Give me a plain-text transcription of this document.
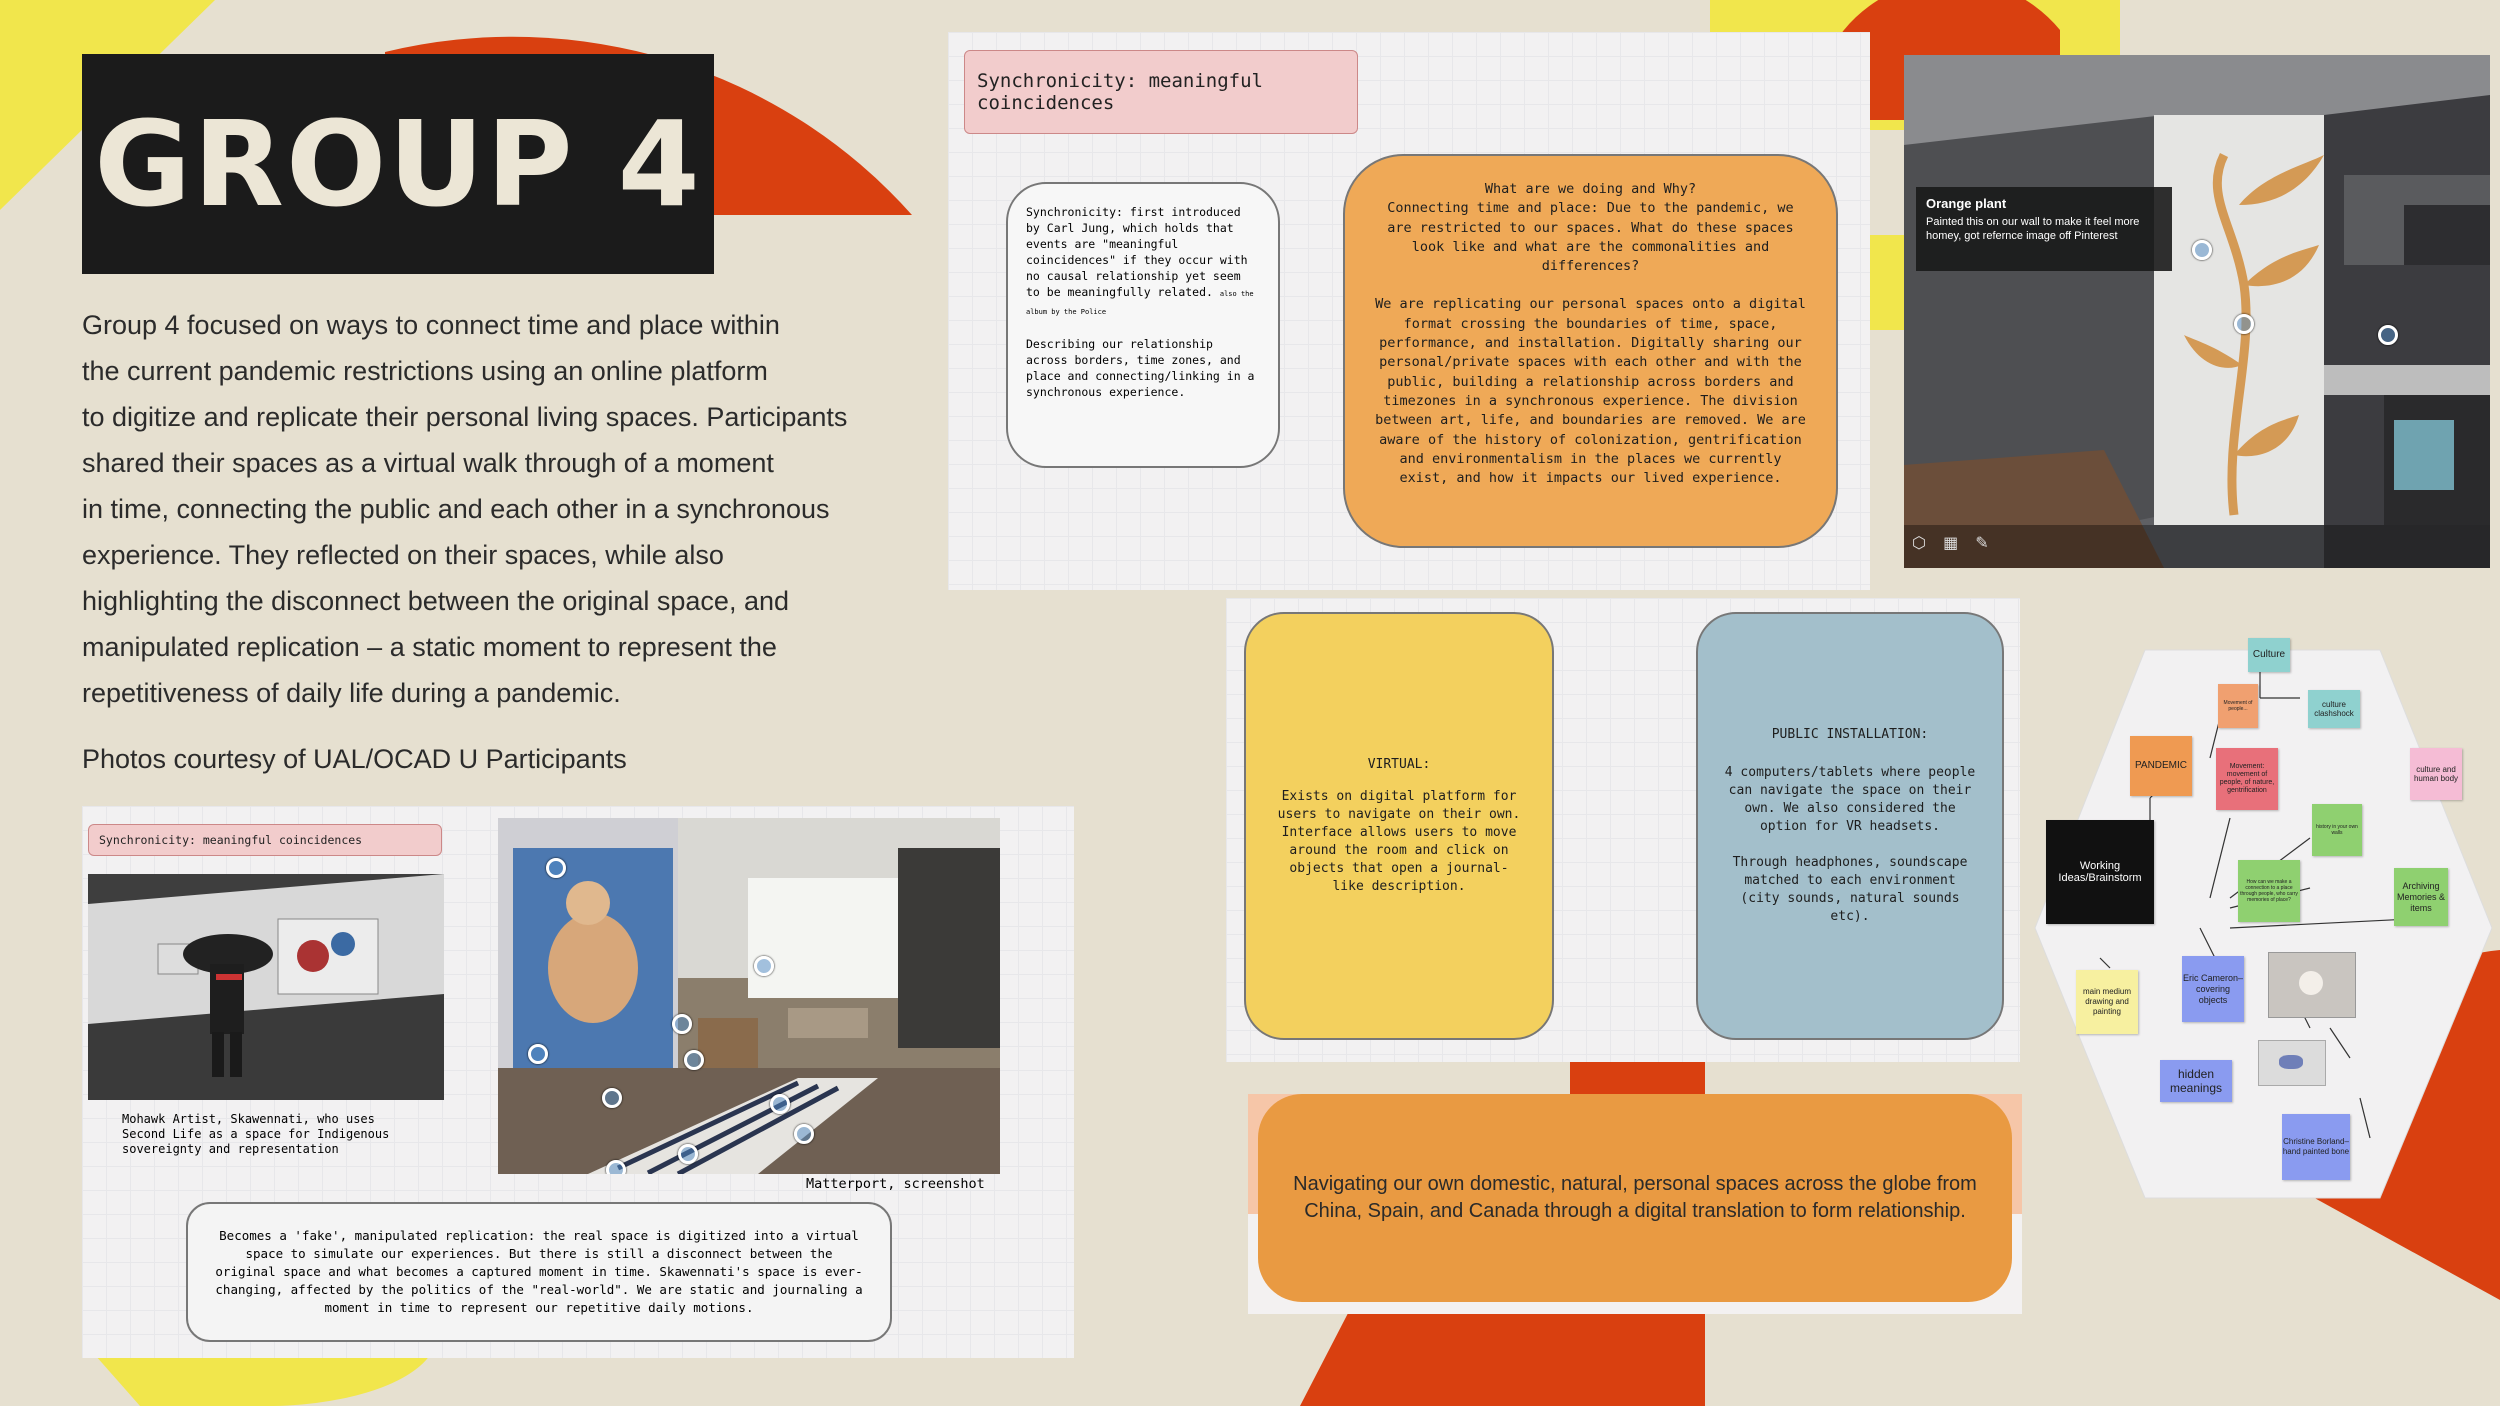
GROUP 4
Group 4 focused on ways to connect time and place within
the current pandemic restrictions using an online platform
to digitize and replicate their personal living spaces. Participants
shared their spaces as a virtual walk through of a moment
in time, connecting the public and each other in a synchronous
experience. They reflected on their spaces, while also
highlighting the disconnect between the original space, and
manipulated replication – a static moment to represent the
repetitiveness of daily life during a pandemic.
Photos courtesy of UAL/OCAD U Participants
Synchronicity: meaningful coincidences
Synchronicity: first introduced by Carl Jung, which holds that events are "meaningful coincidences" if they occur with no causal relationship yet seem to be meaningfully related. also the album by the Police
Describing our relationship across borders, time zones, and place and connecting/linking in a synchronous experience.
What are we doing and Why?
Connecting time and place: Due to the pandemic, we are restricted to our spaces. What do these spaces look like and what are the commonalities and differences?
We are replicating our personal spaces onto a digital format crossing the boundaries of time, space, performance, and installation. Digitally sharing our personal/private spaces with each other and with the public, building a relationship across borders and timezones in a synchronous experience. The division between art, life, and boundaries are removed. We are aware of the history of colonization, gentrification and environmentalism in the places we currently exist, and how it impacts our lived experience.
Orange plant
Painted this on our wall to make it feel more homey, got refernce image off Pinterest
⬡ ▦ ✎
VIRTUAL:
Exists on digital platform for users to navigate on their own. Interface allows users to move around the room and click on objects that open a journal-like description.
PUBLIC INSTALLATION:
4 computers/tablets where people can navigate the space on their own. We also considered the option for VR headsets.
Through headphones, soundscape matched to each environment (city sounds, natural sounds etc).
Navigating our own domestic, natural, personal spaces across the globe from China, Spain, and Canada through a digital translation to form relationship.
Working Ideas/Brainstorm
PANDEMIC
Culture
Movement of people...	culture clashshock
Movement: movement of people, of nature, gentrification
culture and human body
history in your own walls
How can we make a connection to a place through people, who carry memories of place?
Archiving Memories & items
main medium drawing and painting
Eric Cameron– covering objects
hidden meanings
Christine Borland– hand painted bone
Synchronicity: meaningful coincidences
Mohawk Artist, Skawennati, who uses Second Life as a space for Indigenous sovereignty and representation
Matterport, screenshot
Becomes a 'fake', manipulated replication: the real space is digitized into a virtual space to simulate our experiences. But there is still a disconnect between the original space and what becomes a captured moment in time. Skawennati's space is ever-changing, affected by the politics of the "real-world". We are static and journaling a moment in time to represent our repetitive daily motions.
